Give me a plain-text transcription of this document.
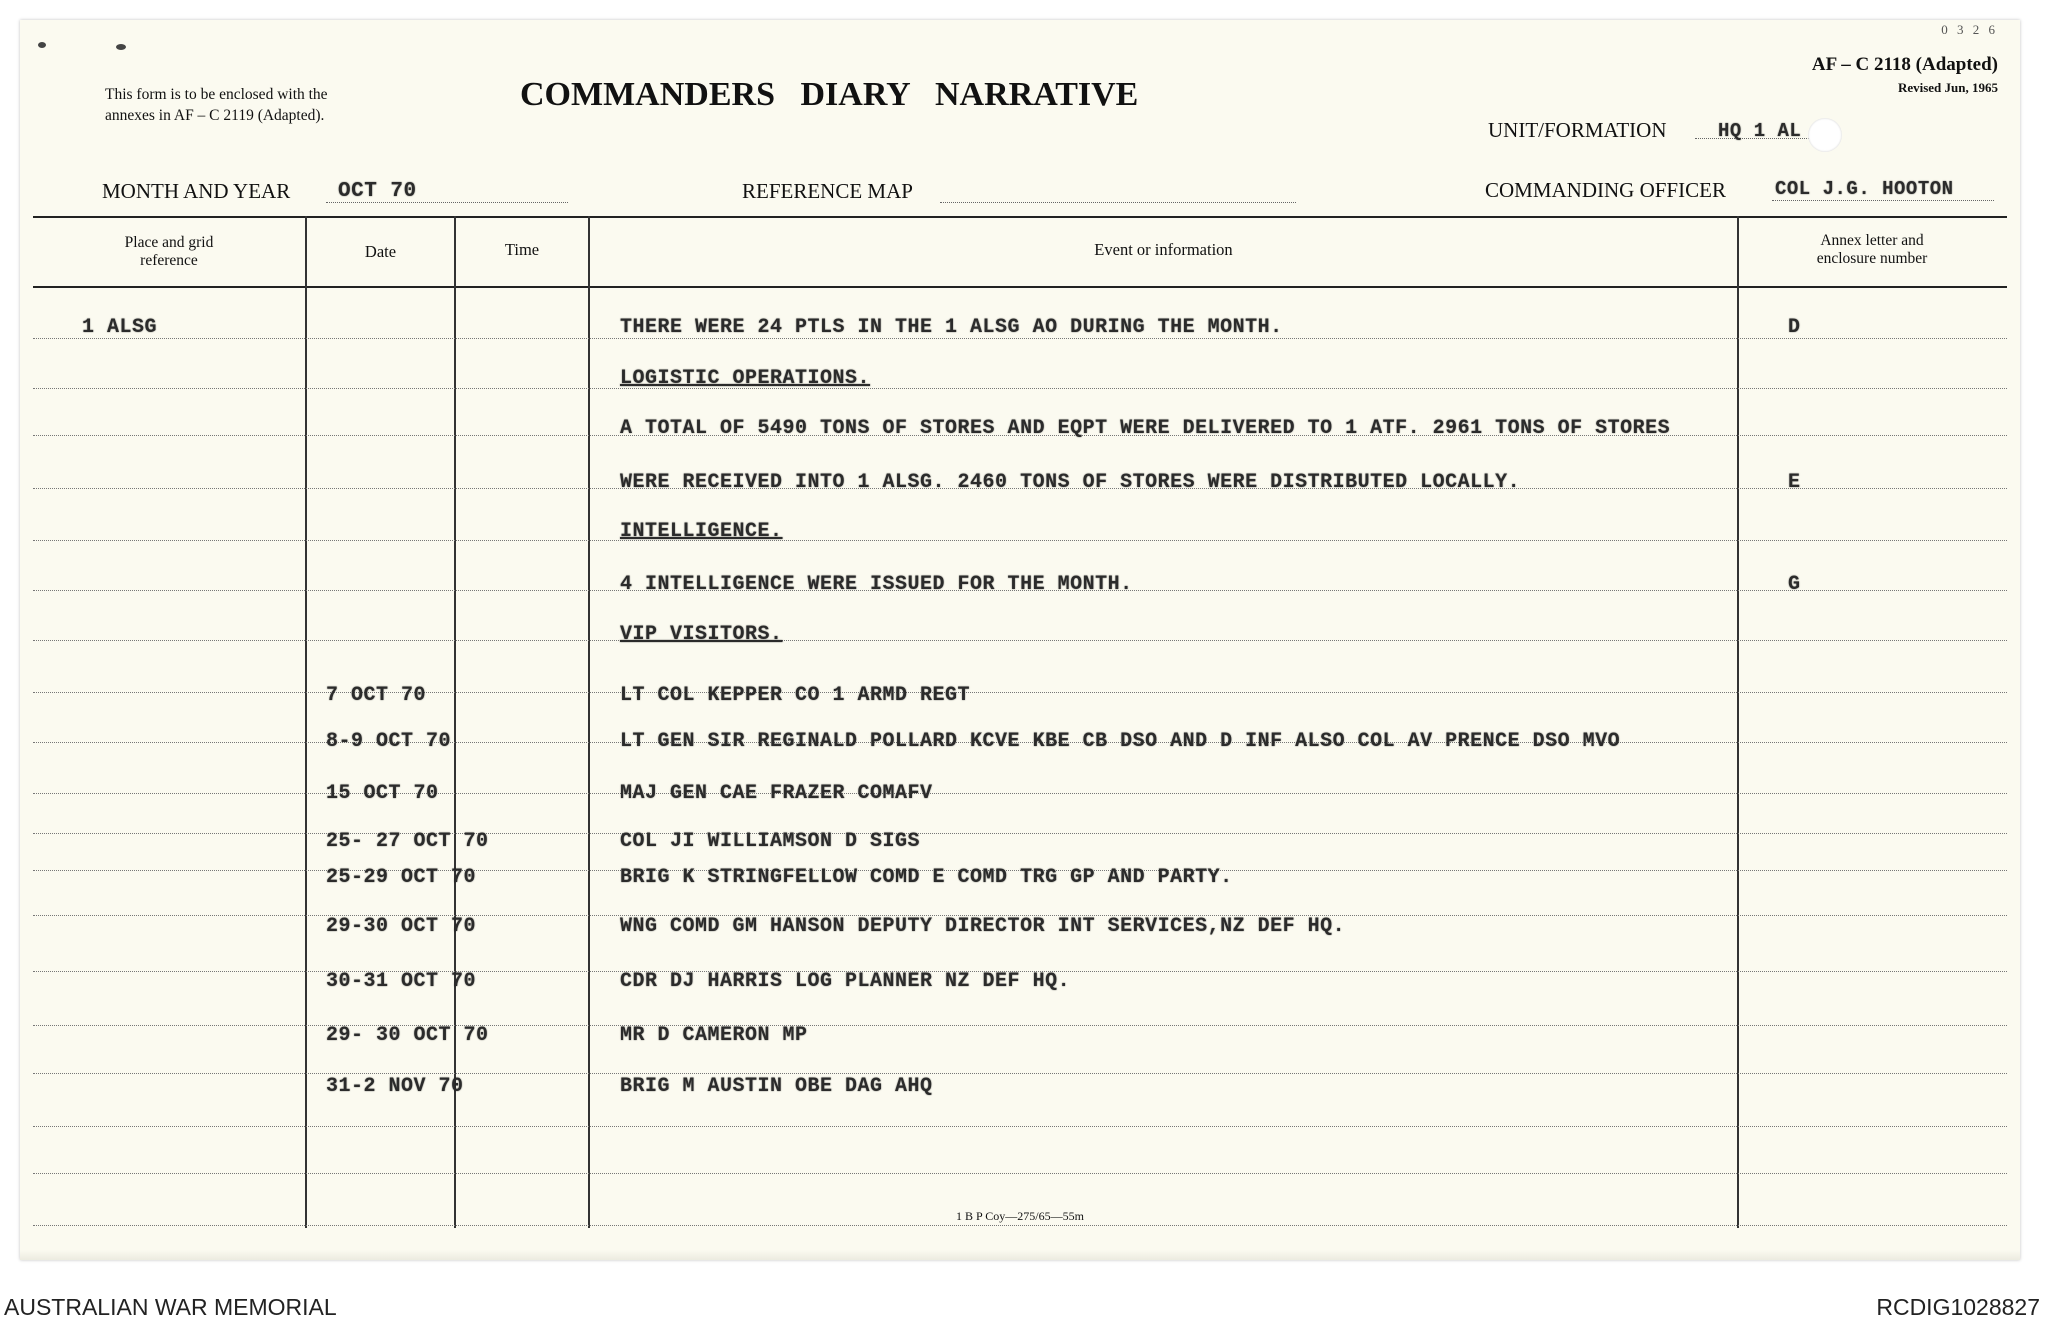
This form is to be enclosed with the
annexes in AF – C 2119 (Adapted).
COMMANDERS   DIARY   NARRATIVE
0 3 2 6
AF – C 2118 (Adapted)
Revised Jun, 1965
UNIT/FORMATION	HQ 1 AL
MONTH AND YEAR OCT 70	REFERENCE MAP	COMMANDING OFFICER	COL J.G. HOOTON
Place and grid
reference	Date	Time	Event or information	Annex letter and
enclosure number
1 ALSG	THERE WERE 24 PTLS IN THE 1 ALSG AO DURING THE MONTH.	D
LOGISTIC OPERATIONS.
A TOTAL OF 5490 TONS OF STORES AND EQPT WERE DELIVERED TO 1 ATF. 2961 TONS OF STORES
WERE RECEIVED INTO 1 ALSG. 2460 TONS OF STORES WERE DISTRIBUTED LOCALLY.	E
INTELLIGENCE.
4 INTELLIGENCE WERE ISSUED FOR THE MONTH.	G
VIP VISITORS.
7 OCT 70	LT COL KEPPER CO 1 ARMD REGT
8-9 OCT 70	LT GEN SIR REGINALD POLLARD KCVE KBE CB DSO AND D INF ALSO COL AV PRENCE DSO MVO
15 OCT 70	MAJ GEN CAE FRAZER COMAFV
25- 27 OCT 70	COL JI WILLIAMSON D SIGS
25-29 OCT 70	BRIG K STRINGFELLOW COMD E COMD TRG GP AND PARTY.
29-30 OCT 70	WNG COMD GM HANSON DEPUTY DIRECTOR INT SERVICES,NZ DEF HQ.
30-31 OCT 70	CDR DJ HARRIS LOG PLANNER NZ DEF HQ.
29- 30 OCT 70	MR D CAMERON MP
31-2 NOV 70	BRIG M AUSTIN OBE DAG AHQ
1 B P Coy—275/65—55m
AUSTRALIAN WAR MEMORIAL	RCDIG1028827
